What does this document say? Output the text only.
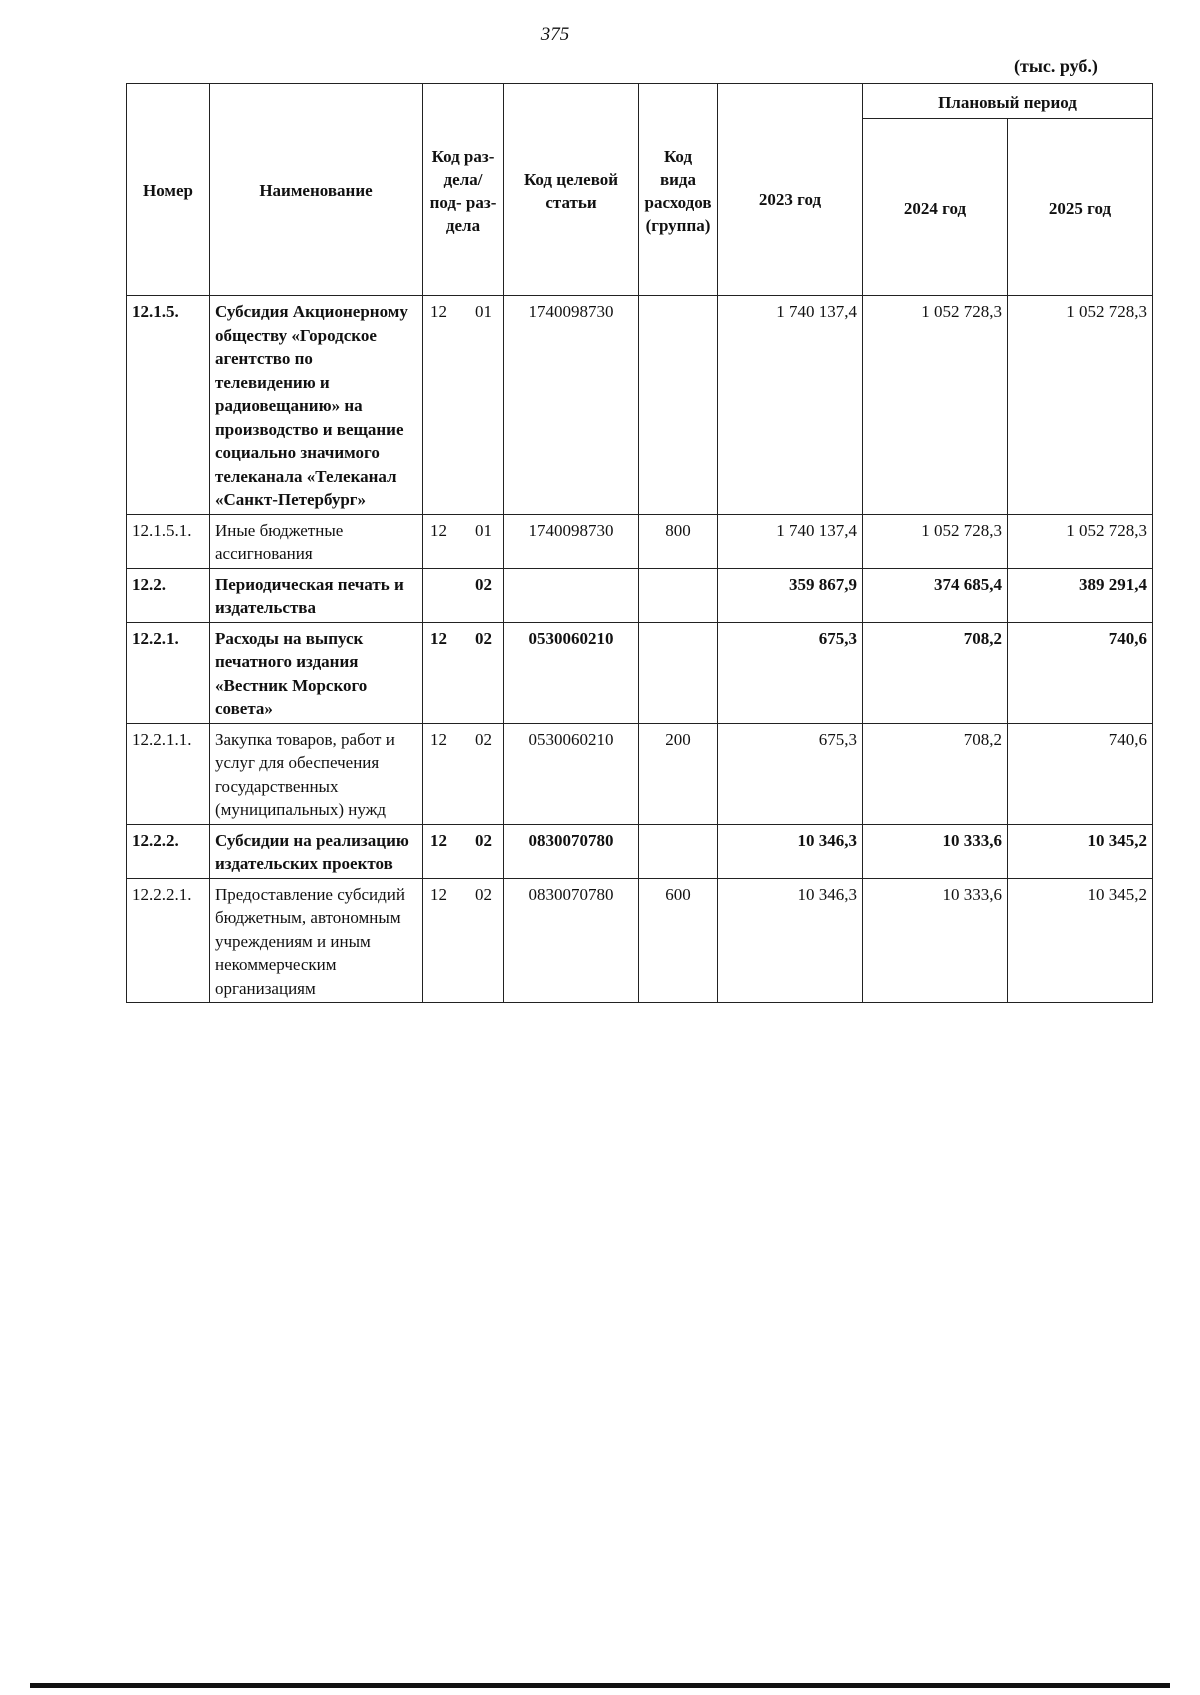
375
(тыс. руб.)
Номер	Наименование	Код раз- дела/ под- раз- дела	Код целевой статьи	Код вида расходов (группа)	2023 год	Плановый период	
						2024 год	2025 год
12.1.5.	Субсидия Акционерному обществу «Городское агентство по телевидению и радиовещанию» на производство и вещание социально значимого телеканала «Телеканал «Санкт-Петербург»	12 01	1740098730		1 740 137,4	1 052 728,3	1 052 728,3
12.1.5.1.	Иные бюджетные ассигнования	12 01	1740098730	800	1 740 137,4	1 052 728,3	1 052 728,3
12.2.	Периодическая печать и издательства	02			359 867,9	374 685,4	389 291,4
12.2.1.	Расходы на выпуск печатного издания «Вестник Морского совета»	12 02	0530060210		675,3	708,2	740,6
12.2.1.1.	Закупка товаров, работ и услуг для обеспечения государственных (муниципальных) нужд	12 02	0530060210	200	675,3	708,2	740,6
12.2.2.	Субсидии на реализацию издательских проектов	12 02	0830070780		10 346,3	10 333,6	10 345,2
12.2.2.1.	Предоставление субсидий бюджетным, автономным учреждениям и иным некоммерческим организациям	12 02	0830070780	600	10 346,3	10 333,6	10 345,2
